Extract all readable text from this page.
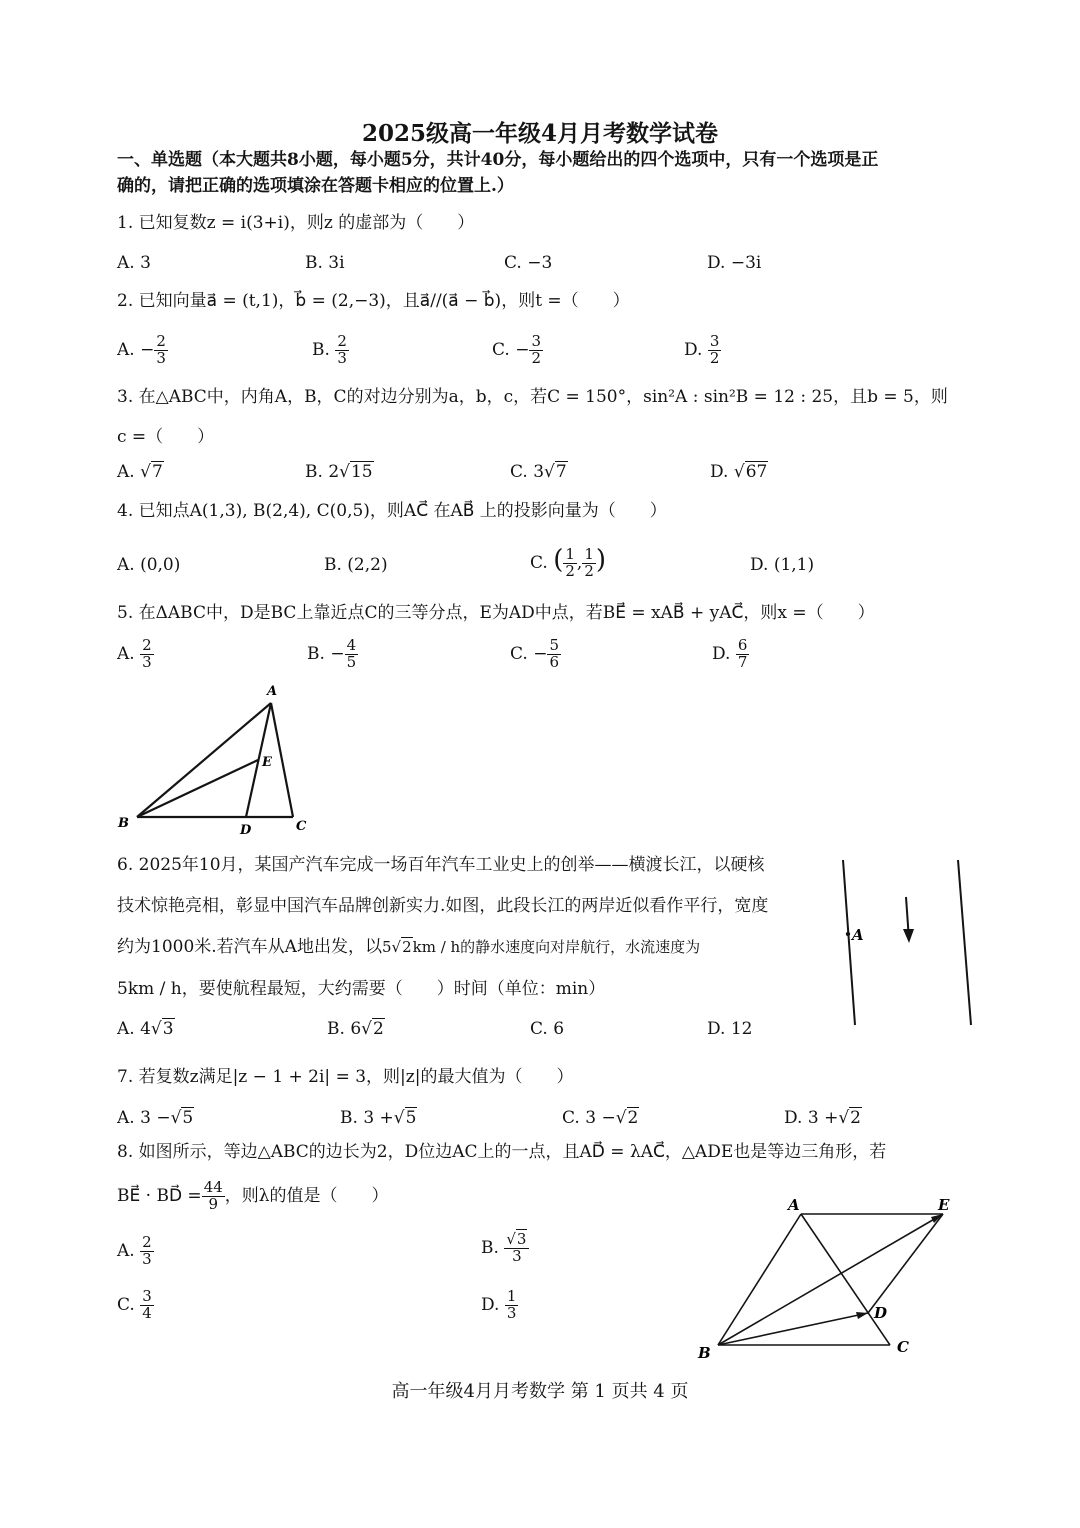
2025级高一年级4月月考数学试卷
一、单选题（本大题共8小题，每小题5分，共计40分，每小题给出的四个选项中，只有一个选项是正
确的，请把正确的选项填涂在答题卡相应的位置上.）
1. 已知复数z = i(3+i)，则z 的虚部为（　　）
A. 3	B. 3i	C. −3	D. −3i
2. 已知向量a⃗ = (t,1)，b⃗ = (2,−3)，且a⃗//(a⃗ − b⃗)，则t =（　　）
A. − $\frac{2}{3}$	B. $\frac{2}{3}$	C. − $\frac{3}{2}$	D. $\frac{3}{2}$
3. 在△ABC中，内角A，B，C的对边分别为a，b，c，若C = 150°，sin²A : sin²B = 12 : 25，且b = 5，则
c =（　　）
A. √7	B. 2√15	C. 3√7	D. √67
4. 已知点A(1,3), B(2,4), C(0,5)，则AC⃗ 在AB⃗ 上的投影向量为（　　）
A. (0,0)	B. (2,2)	C. ( $\frac{1}{2}$ , $\frac{1}{2}$ )	D. (1,1)
5. 在ΔABC中，D是BC上靠近点C的三等分点，E为AD中点，若BE⃗ = xAB⃗ + yAC⃗，则x =（　　）
A. $\frac{2}{3}$	B. − $\frac{4}{5}$	C. − $\frac{5}{6}$	D. $\frac{6}{7}$
A
B	C
D
E
6. 2025年10月，某国产汽车完成一场百年汽车工业史上的创举——横渡长江，以硬核
技术惊艳亮相，彰显中国汽车品牌创新实力.如图，此段长江的两岸近似看作平行，宽度
约为1000米.若汽车从A地出发，以5√2km / h的静水速度向对岸航行，水流速度为
5km / h，要使航程最短，大约需要（　　）时间（单位：min）
A. 4√3	B. 6√2	C. 6	D. 12
A
7. 若复数z满足|z − 1 + 2i| = 3，则|z|的最大值为（　　）
A. 3 −√5	B. 3 +√5	C. 3 −√2	D. 3 +√2
8. 如图所示，等边△ABC的边长为2，D位边AC上的一点，且AD⃗ = λAC⃗，△ADE也是等边三角形，若
BE⃗ · BD⃗ = $\frac{44}{9}$ ，则λ的值是（　　）
A. $\frac{2}{3}$	B. $\frac{√3}{3}$
C. $\frac{3}{4}$	D. $\frac{1}{3}$
A
B	C
D
E
高一年级4月月考数学 第 1 页共 4 页
